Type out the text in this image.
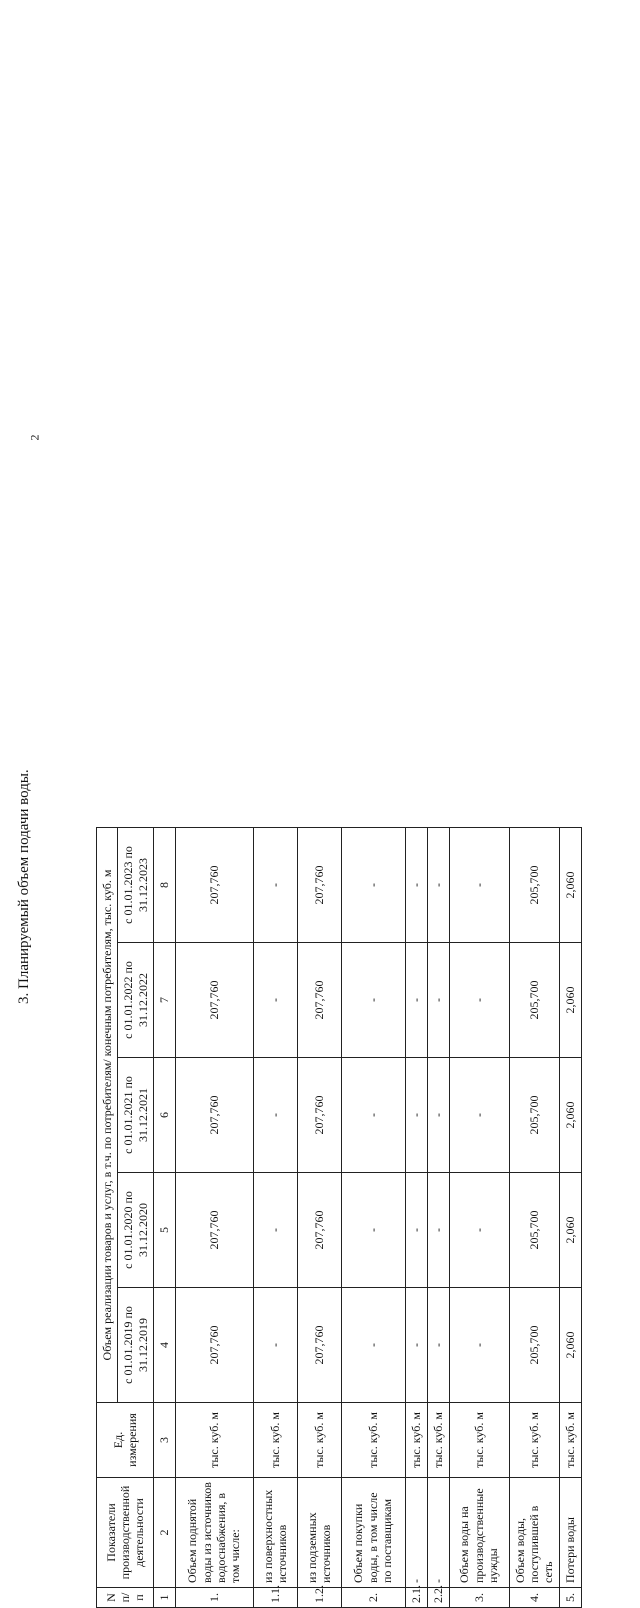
2
3. Планируемый объем подачи воды.
N п/п	Показатели производственной деятельности	Ед. измерения	Объем реализации товаров и услуг, в т.ч. по потребителям/ конечным потребителям, тыс. куб. м				
			с 01.01.2019 по 31.12.2019	с 01.01.2020 по 31.12.2020	с 01.01.2021 по 31.12.2021	с 01.01.2022 по 31.12.2022	с 01.01.2023 по 31.12.2023
1	2	3	4	5	6	7	8
1.	Объем поднятой воды из источников водоснабжения, в том числе:	тыс. куб. м	207,760	207,760	207,760	207,760	207,760
1.1.	из поверхностных источников	тыс. куб. м	-	-	-	-	-
1.2.	из подземных источников	тыс. куб. м	207,760	207,760	207,760	207,760	207,760
2.	Объем покупки воды, в том числе по поставщикам	тыс. куб. м	-	-	-	-	-
2.1.	-	тыс. куб. м	-	-	-	-	-
2.2.	-	тыс. куб. м	-	-	-	-	-
3.	Объем воды на производственные нужды	тыс. куб. м	-	-	-	-	-
4.	Объем воды, поступившей в сеть	тыс. куб. м	205,700	205,700	205,700	205,700	205,700
5.	Потери воды	тыс. куб. м	2,060	2,060	2,060	2,060	2,060
